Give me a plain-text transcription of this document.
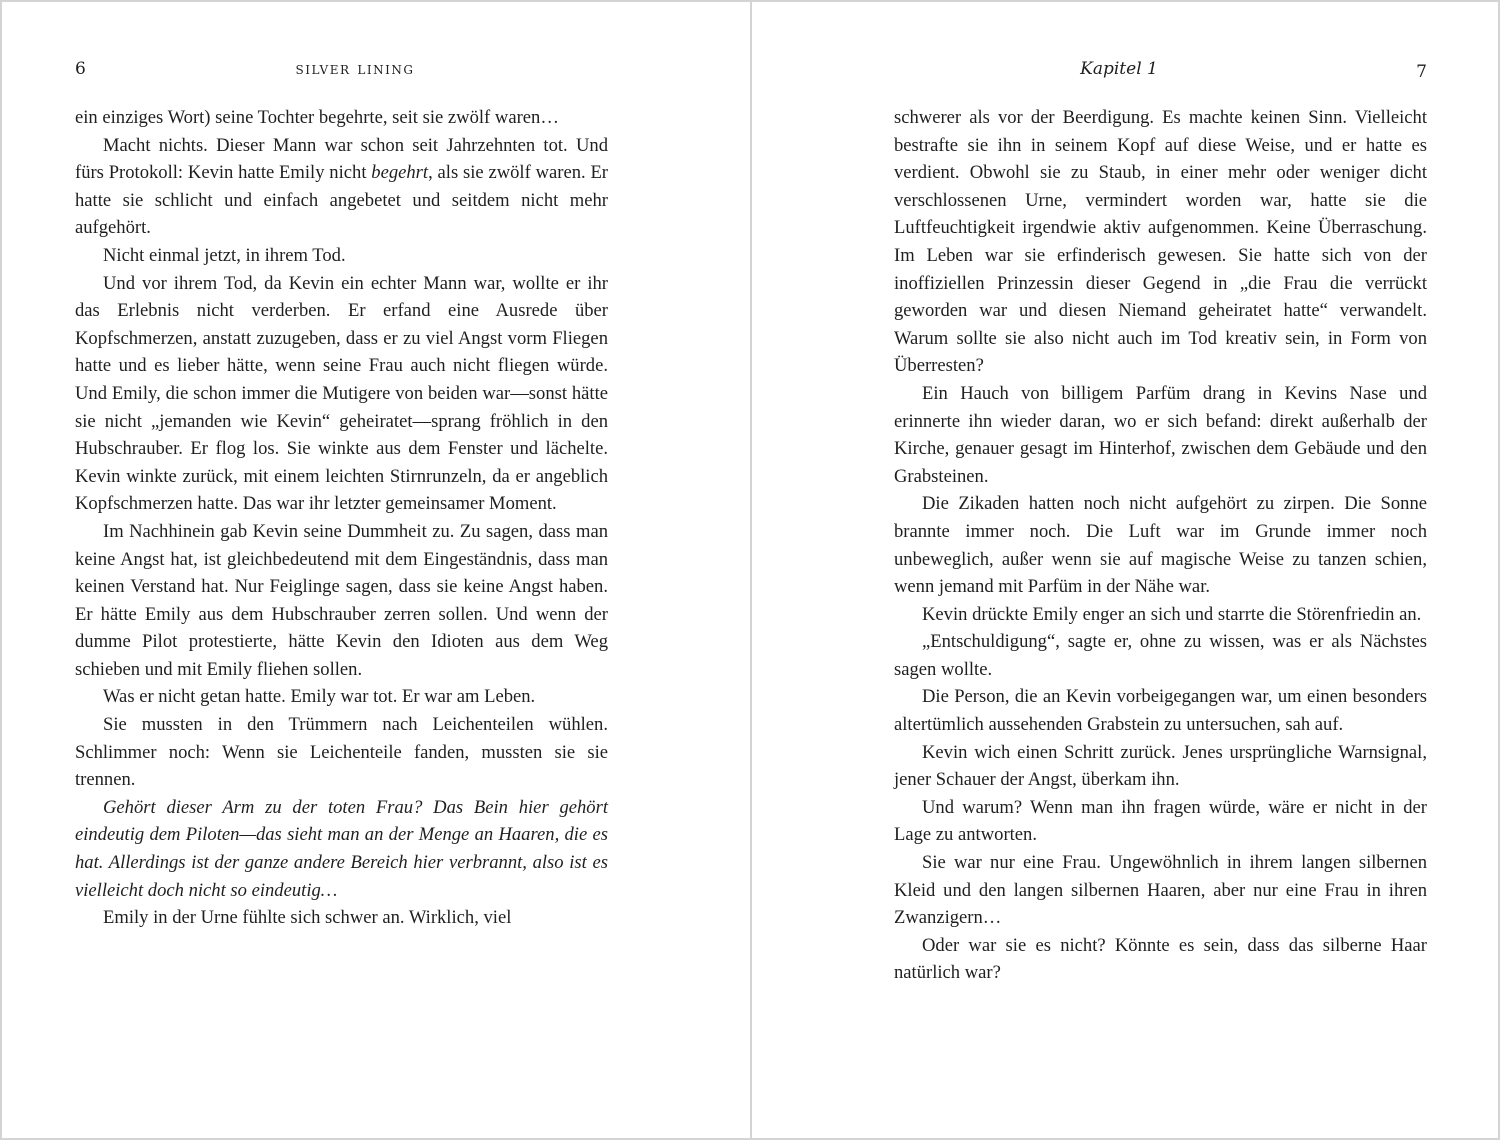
6	silver lining

ein einziges Wort) seine Tochter begehrte, seit sie zwölf waren…

Macht nichts. Dieser Mann war schon seit Jahrzehnten tot. Und fürs Protokoll: Kevin hatte Emily nicht begehrt, als sie zwölf waren. Er hatte sie schlicht und einfach angebetet und seitdem nicht mehr aufgehört.

Nicht einmal jetzt, in ihrem Tod.

Und vor ihrem Tod, da Kevin ein echter Mann war, wollte er ihr das Erlebnis nicht verderben. Er erfand eine Ausrede über Kopfschmerzen, anstatt zuzugeben, dass er zu viel Angst vorm Fliegen hatte und es lieber hätte, wenn seine Frau auch nicht fliegen würde. Und Emily, die schon immer die Mutigere von beiden war—sonst hätte sie nicht „jemanden wie Kevin“ geheiratet—sprang fröhlich in den Hubschrauber. Er flog los. Sie winkte aus dem Fenster und lächelte. Kevin winkte zurück, mit einem leichten Stirnrunzeln, da er angeblich Kopfschmerzen hatte. Das war ihr letzter gemeinsamer Moment.

Im Nachhinein gab Kevin seine Dummheit zu. Zu sagen, dass man keine Angst hat, ist gleichbedeutend mit dem Eingeständnis, dass man keinen Verstand hat. Nur Feiglinge sagen, dass sie keine Angst haben. Er hätte Emily aus dem Hubschrauber zerren sollen. Und wenn der dumme Pilot protestierte, hätte Kevin den Idioten aus dem Weg schieben und mit Emily fliehen sollen.

Was er nicht getan hatte. Emily war tot. Er war am Leben.

Sie mussten in den Trümmern nach Leichenteilen wühlen. Schlimmer noch: Wenn sie Leichenteile fanden, mussten sie sie trennen.

Gehört dieser Arm zu der toten Frau? Das Bein hier gehört eindeutig dem Piloten—das sieht man an der Menge an Haaren, die es hat. Allerdings ist der ganze andere Bereich hier verbrannt, also ist es vielleicht doch nicht so eindeutig…

Emily in der Urne fühlte sich schwer an. Wirklich, viel

Kapitel 1	7

schwerer als vor der Beerdigung. Es machte keinen Sinn. Vielleicht bestrafte sie ihn in seinem Kopf auf diese Weise, und er hatte es verdient. Obwohl sie zu Staub, in einer mehr oder weniger dicht verschlossenen Urne, vermindert worden war, hatte sie die Luftfeuchtigkeit irgendwie aktiv aufgenommen. Keine Überraschung. Im Leben war sie erfinderisch gewesen. Sie hatte sich von der inoffiziellen Prinzessin dieser Gegend in „die Frau die verrückt geworden war und diesen Niemand geheiratet hatte“ verwandelt. Warum sollte sie also nicht auch im Tod kreativ sein, in Form von Überresten?

Ein Hauch von billigem Parfüm drang in Kevins Nase und erinnerte ihn wieder daran, wo er sich befand: direkt außerhalb der Kirche, genauer gesagt im Hinterhof, zwischen dem Gebäude und den Grabsteinen.

Die Zikaden hatten noch nicht aufgehört zu zirpen. Die Sonne brannte immer noch. Die Luft war im Grunde immer noch unbeweglich, außer wenn sie auf magische Weise zu tanzen schien, wenn jemand mit Parfüm in der Nähe war.

Kevin drückte Emily enger an sich und starrte die Störenfriedin an.

„Entschuldigung“, sagte er, ohne zu wissen, was er als Nächstes sagen wollte.

Die Person, die an Kevin vorbeigegangen war, um einen besonders altertümlich aussehenden Grabstein zu untersuchen, sah auf.

Kevin wich einen Schritt zurück. Jenes ursprüngliche Warnsignal, jener Schauer der Angst, überkam ihn.

Und warum? Wenn man ihn fragen würde, wäre er nicht in der Lage zu antworten.

Sie war nur eine Frau. Ungewöhnlich in ihrem langen silbernen Kleid und den langen silbernen Haaren, aber nur eine Frau in ihren Zwanzigern…

Oder war sie es nicht? Könnte es sein, dass das silberne Haar natürlich war?
